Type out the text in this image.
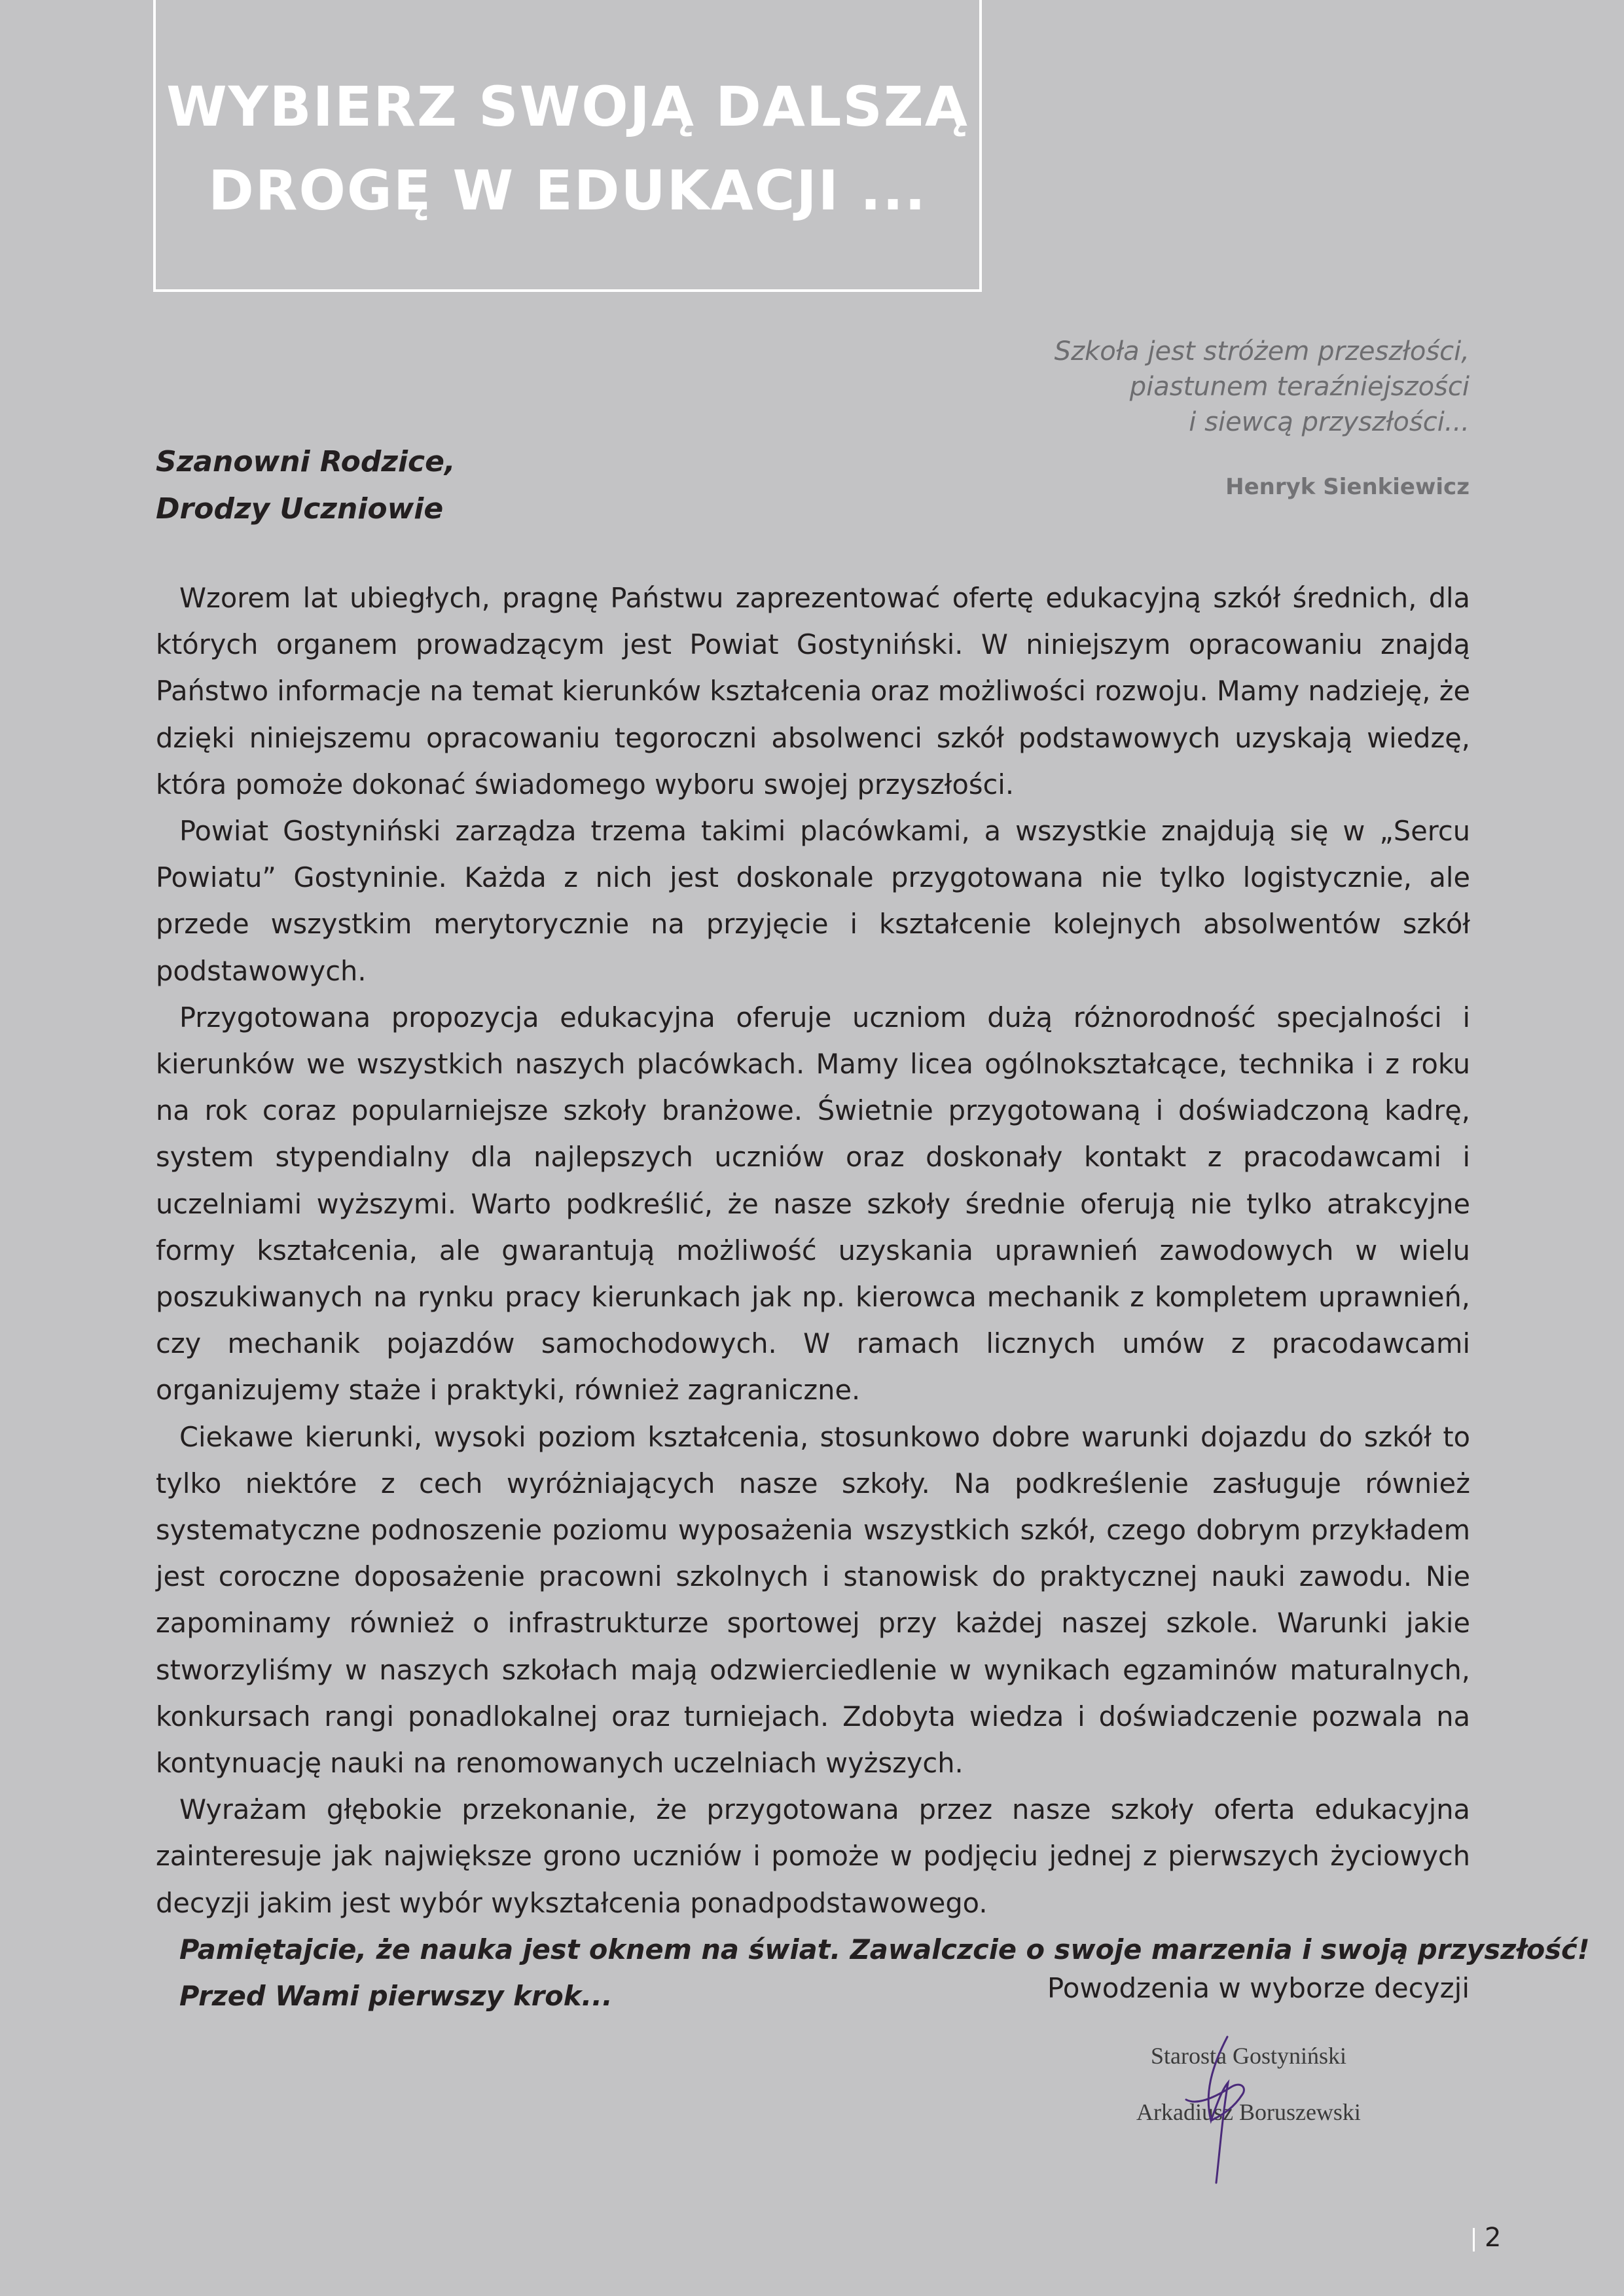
WYBIERZ SWOJĄ DALSZĄ
DROGĘ W EDUKACJI ...
Szkoła jest stróżem przeszłości,
piastunem teraźniejszości
i siewcą przyszłości...
Henryk Sienkiewicz
Szanowni Rodzice,
Drodzy Uczniowie

Wzorem lat ubiegłych, pragnę Państwu zaprezentować ofertę edukacyjną szkół średnich, dla których organem prowadzącym jest Powiat Gostyniński. W niniejszym opracowaniu znajdą Państwo informacje na temat kierunków kształcenia oraz możliwości rozwoju. Mamy nadzieję, że dzięki niniejszemu opracowaniu tegoroczni absolwenci szkół podstawowych uzyskają wiedzę, która pomoże dokonać świadomego wyboru swojej przyszłości.

Powiat Gostyniński zarządza trzema takimi placówkami, a wszystkie znajdują się w „Sercu Powiatu” Gostyninie. Każda z nich jest doskonale przygotowana nie tylko logistycznie, ale przede wszystkim merytorycznie na przyjęcie i kształcenie kolejnych absolwentów szkół podstawowych.

Przygotowana propozycja edukacyjna oferuje uczniom dużą różnorodność specjalności i kierunków we wszystkich naszych placówkach. Mamy licea ogólnokształcące, technika i z roku na rok coraz popularniejsze szkoły branżowe. Świetnie przygotowaną i doświadczoną kadrę, system stypendialny dla najlepszych uczniów oraz doskonały kontakt z pracodawcami i uczelniami wyższymi. Warto podkreślić, że nasze szkoły średnie oferują nie tylko atrakcyjne formy kształcenia, ale gwarantują możliwość uzyskania uprawnień zawodowych w wielu poszukiwanych na rynku pracy kierunkach jak np. kierowca mechanik z kompletem uprawnień, czy mechanik pojazdów samochodowych. W ramach licznych umów z pracodawcami organizujemy staże i praktyki, również zagraniczne.

Ciekawe kierunki, wysoki poziom kształcenia, stosunkowo dobre warunki dojazdu do szkół to tylko niektóre z cech wyróżniających nasze szkoły. Na podkreślenie zasługuje również systematyczne podnoszenie poziomu wyposażenia wszystkich szkół, czego dobrym przykładem jest coroczne doposażenie pracowni szkolnych i stanowisk do praktycznej nauki zawodu. Nie zapominamy również o infrastrukturze sportowej przy każdej naszej szkole. Warunki jakie stworzyliśmy w naszych szkołach mają odzwierciedlenie w wynikach egzaminów maturalnych, konkursach rangi ponadlokalnej oraz turniejach. Zdobyta wiedza i doświadczenie pozwala na kontynuację nauki na renomowanych uczelniach wyższych.

Wyrażam głębokie przekonanie, że przygotowana przez nasze szkoły oferta edukacyjna zainteresuje jak największe grono uczniów i pomoże w podjęciu jednej z pierwszych życiowych decyzji jakim jest wybór wykształcenia ponadpodstawowego.

Pamiętajcie, że nauka jest oknem na świat. Zawalczcie o swoje marzenia i swoją przyszłość!
Przed Wami pierwszy krok...	Powodzenia w wyborze decyzji
Starosta Gostyniński
Arkadiusz Boruszewski
2
